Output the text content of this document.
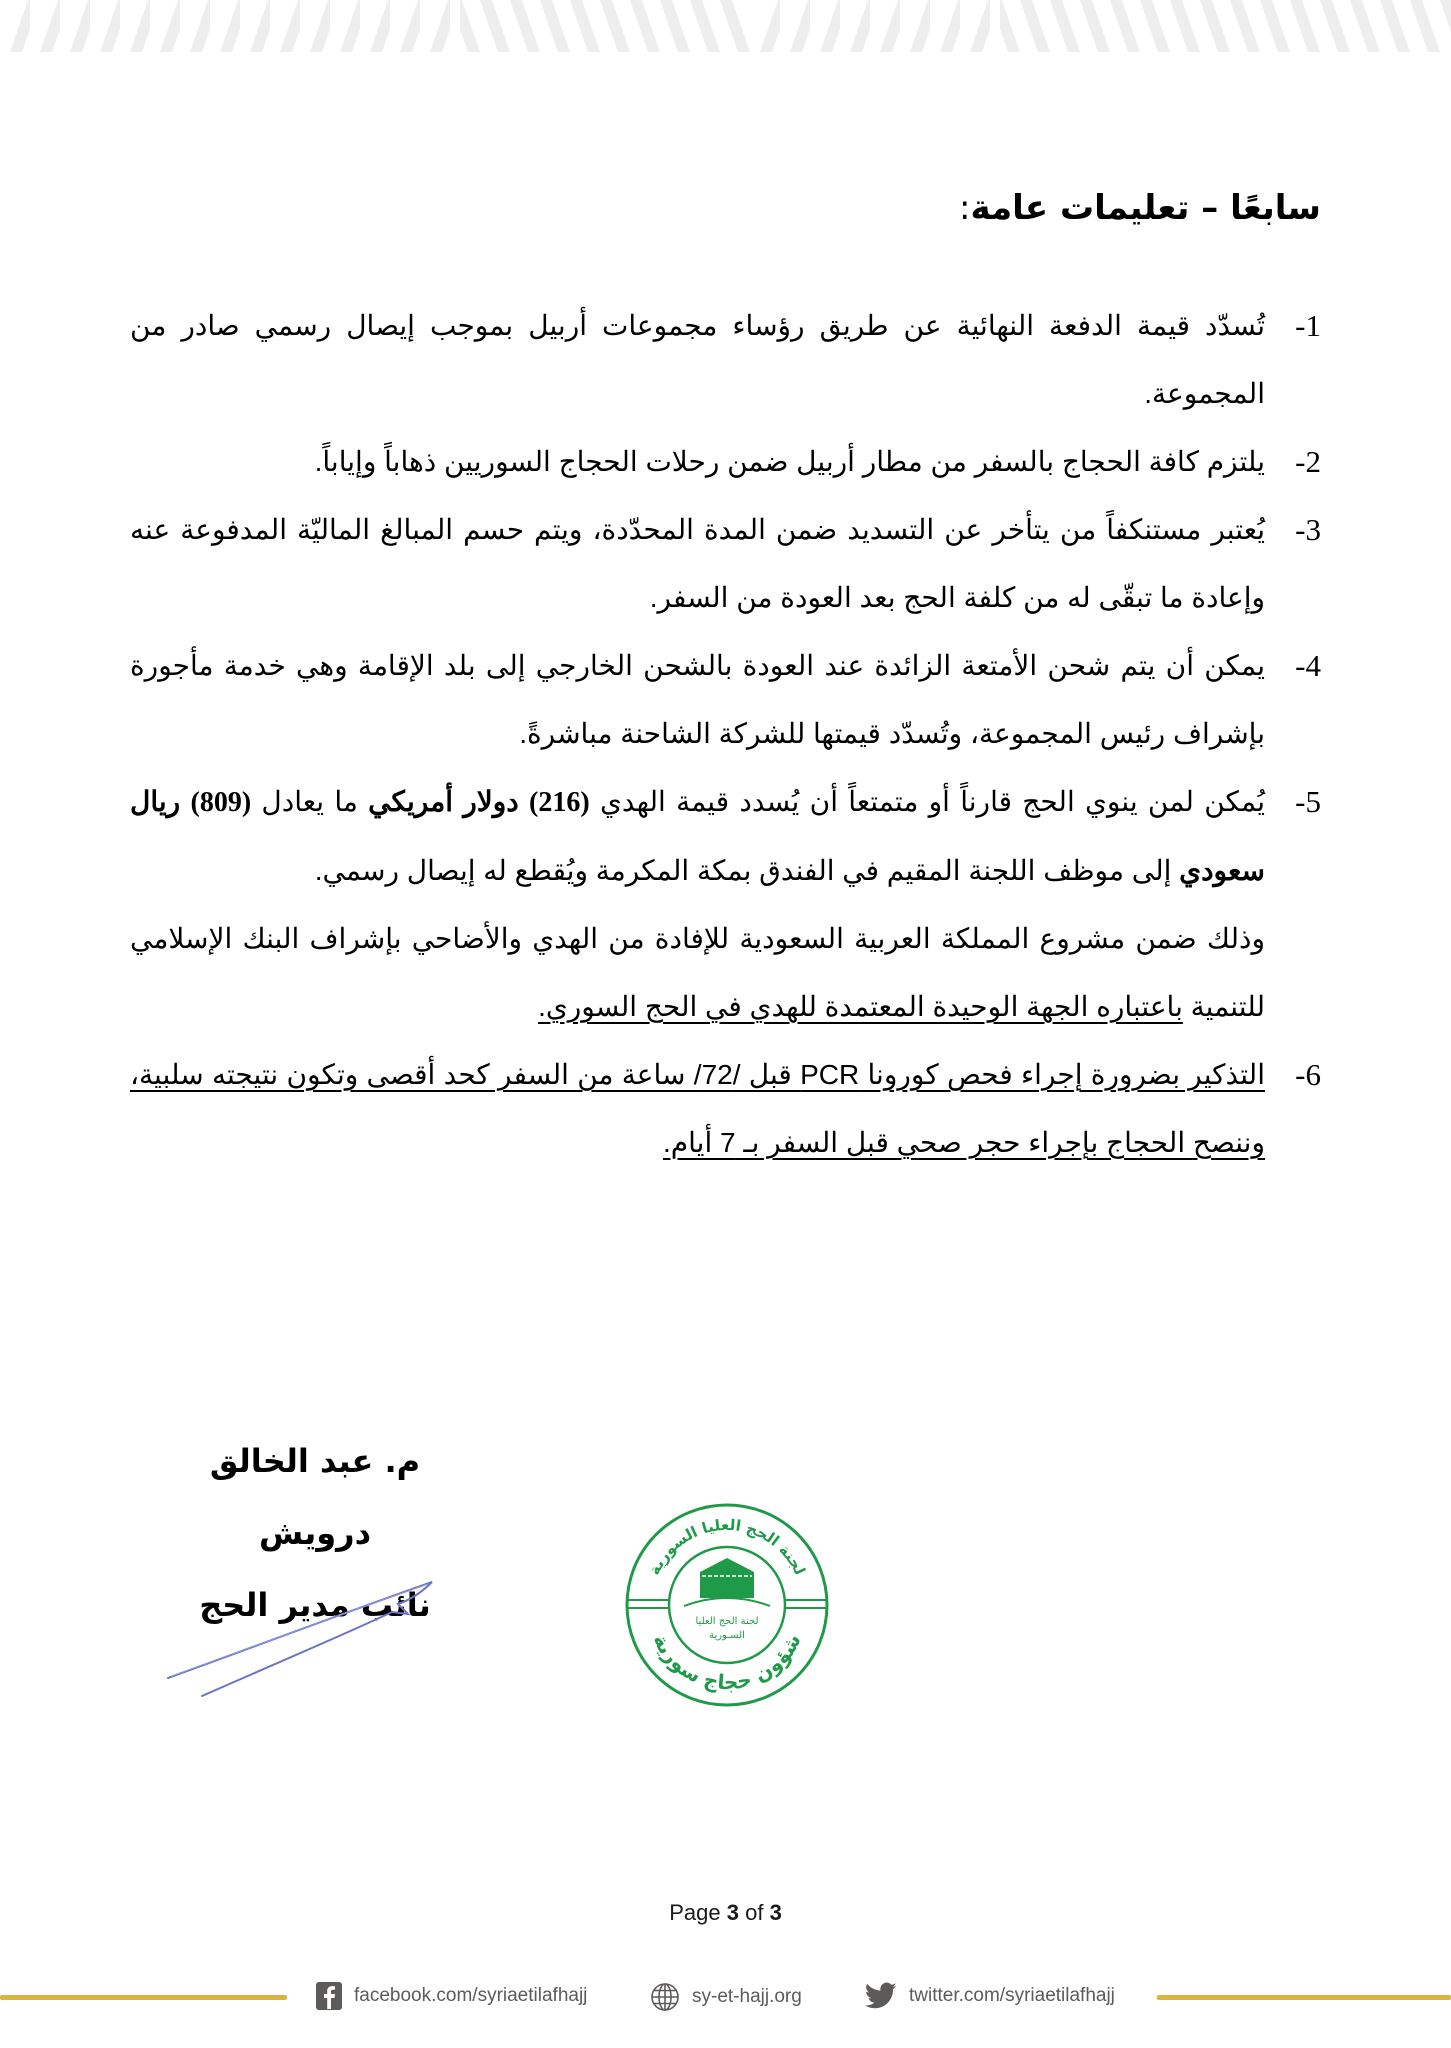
سابعًا – تعليمات عامة:
1-
تُسدّد قيمة الدفعة النهائية عن طريق رؤساء مجموعات أربيل بموجب إيصال رسمي صادر من المجموعة.
2-
يلتزم كافة الحجاج بالسفر من مطار أربيل ضمن رحلات الحجاج السوريين ذهاباً وإياباً.
3-
يُعتبر مستنكفاً من يتأخر عن التسديد ضمن المدة المحدّدة، ويتم حسم المبالغ الماليّة المدفوعة عنه وإعادة ما تبقّى له من كلفة الحج بعد العودة من السفر.
4-
يمكن أن يتم شحن الأمتعة الزائدة عند العودة بالشحن الخارجي إلى بلد الإقامة وهي خدمة مأجورة بإشراف رئيس المجموعة، وتُسدّد قيمتها للشركة الشاحنة مباشرةً.
5-
يُمكن لمن ينوي الحج قارناً أو متمتعاً أن يُسدد قيمة الهدي (216) دولار أمريكي ما يعادل (809) ريال سعودي إلى موظف اللجنة المقيم في الفندق بمكة المكرمة ويُقطع له إيصال رسمي.
وذلك ضمن مشروع المملكة العربية السعودية للإفادة من الهدي والأضاحي بإشراف البنك الإسلامي للتنمية باعتباره الجهة الوحيدة المعتمدة للهدي في الحج السوري.
6-
التذكير بضرورة إجراء فحص كورونا PCR قبل /72/ ساعة من السفر كحد أقصى وتكون نتيجته سلبية، وننصح الحجاج بإجراء حجر صحي قبل السفر بـ 7 أيام.
م. عبد الخالق درويش
نائب مدير الحج
لجنة الحج العليا السورية
شؤون حجاج سورية
لجنة الحج العليا
السـورية
Page 3 of 3
facebook.com/syriaetilafhajj	sy-et-hajj.org	twitter.com/syriaetilafhajj
